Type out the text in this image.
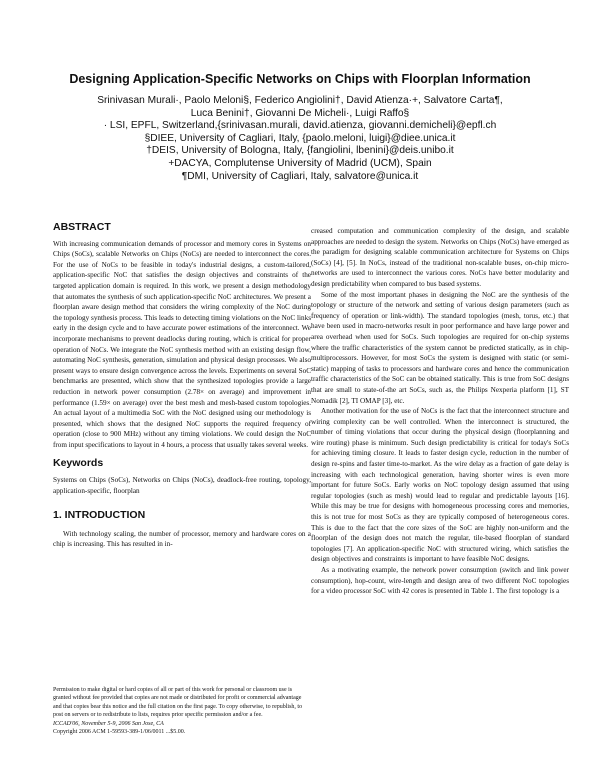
Designing Application-Specific Networks on Chips with Floorplan Information
Srinivasan Murali·, Paolo Meloni§, Federico Angiolini†, David Atienza·+, Salvatore Carta¶,
Luca Benini†, Giovanni De Micheli·, Luigi Raffo§
· LSI, EPFL, Switzerland,{srinivasan.murali, david.atienza, giovanni.demicheli}@epfl.ch
§DIEE, University of Cagliari, Italy, {paolo.meloni, luigi}@diee.unica.it
†DEIS, University of Bologna, Italy, {fangiolini, lbenini}@deis.unibo.it
+DACYA, Complutense University of Madrid (UCM), Spain
¶DMI, University of Cagliari, Italy, salvatore@unica.it
ABSTRACT

With increasing communication demands of processor and memory cores in Systems on Chips (SoCs), scalable Networks on Chips (NoCs) are needed to interconnect the cores. For the use of NoCs to be feasible in today's industrial designs, a custom-tailored, application-specific NoC that satisfies the design objectives and constraints of the targeted application domain is required. In this work, we present a design methodology that automates the synthesis of such application-specific NoC architectures. We present a floorplan aware design method that considers the wiring complexity of the NoC during the topology synthesis process. This leads to detecting timing violations on the NoC links early in the design cycle and to have accurate power estimations of the interconnect. We incorporate mechanisms to prevent deadlocks during routing, which is critical for proper operation of NoCs. We integrate the NoC synthesis method with an existing design flow, automating NoC synthesis, generation, simulation and physical design processes. We also present ways to ensure design convergence across the levels. Experiments on several SoC benchmarks are presented, which show that the synthesized topologies provide a large reduction in network power consumption (2.78× on average) and improvement in performance (1.59× on average) over the best mesh and mesh-based custom topologies. An actual layout of a multimedia SoC with the NoC designed using our methodology is presented, which shows that the designed NoC supports the required frequency of operation (close to 900 MHz) without any timing violations. We could design the NoC from input specifications to layout in 4 hours, a process that usually takes several weeks.

Keywords

Systems on Chips (SoCs), Networks on Chips (NoCs), deadlock-free routing, topology, application-specific, floorplan

1. INTRODUCTION

With technology scaling, the number of processor, memory and hardware cores on a chip is increasing. This has resulted in in-

creased computation and communication complexity of the design, and scalable approaches are needed to design the system. Networks on Chips (NoCs) have emerged as the paradigm for designing scalable communication architecture for Systems on Chips (SoCs) [4], [5]. In NoCs, instead of the traditional non-scalable buses, on-chip micro-networks are used to interconnect the various cores. NoCs have better modularity and design predictability when compared to bus based systems.

Some of the most important phases in designing the NoC are the synthesis of the topology or structure of the network and setting of various design parameters (such as frequency of operation or link-width). The standard topologies (mesh, torus, etc.) that have been used in macro-networks result in poor performance and have large power and area overhead when used for SoCs. Such topologies are required for on-chip systems where the traffic characteristics of the system cannot be predicted statically, as in chip-multiprocessors. However, for most SoCs the system is designed with static (or semi-static) mapping of tasks to processors and hardware cores and hence the communication traffic characteristics of the SoC can be obtained statically. This is true from SoC designs that are small to state-of-the art SoCs, such as, the Philips Nexperia platform [1], ST Nomadik [2], TI OMAP [3], etc.

Another motivation for the use of NoCs is the fact that the interconnect structure and wiring complexity can be well controlled. When the interconnect is structured, the number of timing violations that occur during the physical design (floorplanning and wire routing) phase is minimum. Such design predictability is critical for today's SoCs for achieving timing closure. It leads to faster design cycle, reduction in the number of design re-spins and faster time-to-market. As the wire delay as a fraction of gate delay is increasing with each technological generation, having shorter wires is even more important for future SoCs. Early works on NoC topology design assumed that using regular topologies (such as mesh) would lead to regular and predictable layouts [16]. While this may be true for designs with homogeneous processing cores and memories, this is not true for most SoCs as they are typically composed of heterogeneous cores. This is due to the fact that the core sizes of the SoC are highly non-uniform and the floorplan of the design does not match the regular, tile-based floorplan of standard topologies [7]. An application-specific NoC with structured wiring, which satisfies the design objectives and constraints is important to have feasible NoC designs.

As a motivating example, the network power consumption (switch and link power consumption), hop-count, wire-length and design area of two different NoC topologies for a video processor SoC with 42 cores is presented in Table 1. The first topology is a

Permission to make digital or hard copies of all or part of this work for personal or classroom use is granted without fee provided that copies are not made or distributed for profit or commercial advantage and that copies bear this notice and the full citation on the first page. To copy otherwise, to republish, to post on servers or to redistribute to lists, requires prior specific permission and/or a fee.

ICCAD'06, November 5-9, 2006 San Jose, CA

Copyright 2006 ACM 1-59593-389-1/06/0011 ...$5.00.
